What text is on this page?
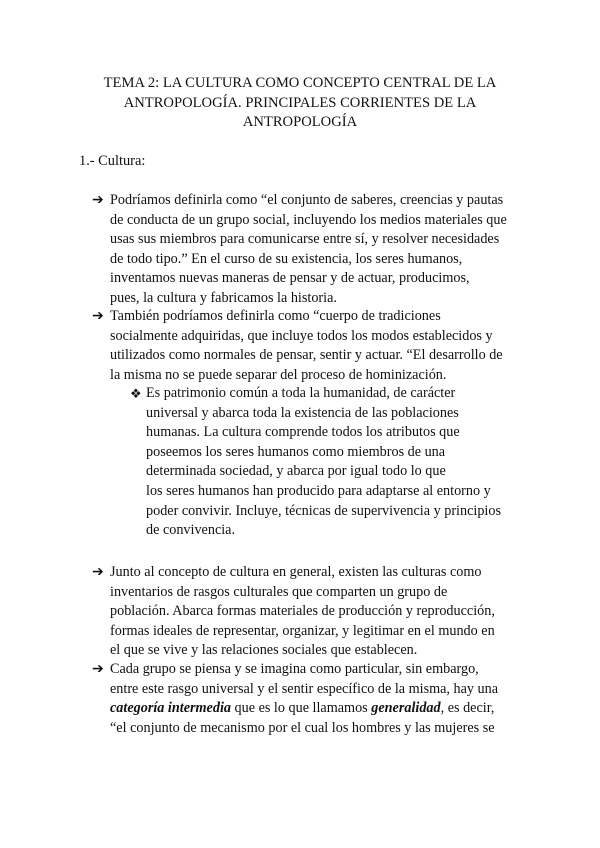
TEMA 2: LA CULTURA COMO CONCEPTO CENTRAL DE LA
ANTROPOLOGÍA. PRINCIPALES CORRIENTES DE LA
ANTROPOLOGÍA
1.- Cultura:
➔ Podríamos definirla como “el conjunto de saberes, creencias y pautas
de conducta de un grupo social, incluyendo los medios materiales que
usas sus miembros para comunicarse entre sí, y resolver necesidades
de todo tipo.” En el curso de su existencia, los seres humanos,
inventamos nuevas maneras de pensar y de actuar, producimos,
pues, la cultura y fabricamos la historia.
➔ También podríamos definirla como “cuerpo de tradiciones
socialmente adquiridas, que incluye todos los modos establecidos y
utilizados como normales de pensar, sentir y actuar. “El desarrollo de
la misma no se puede separar del proceso de hominización.
❖ Es patrimonio común a toda la humanidad, de carácter
universal y abarca toda la existencia de las poblaciones
humanas. La cultura comprende todos los atributos que
poseemos los seres humanos como miembros de una
determinada sociedad, y abarca por igual todo lo que
los seres humanos han producido para adaptarse al entorno y
poder convivir. Incluye, técnicas de supervivencia y principios
de convivencia.
➔ Junto al concepto de cultura en general, existen las culturas como
inventarios de rasgos culturales que comparten un grupo de
población. Abarca formas materiales de producción y reproducción,
formas ideales de representar, organizar, y legitimar en el mundo en
el que se vive y las relaciones sociales que establecen.
➔ Cada grupo se piensa y se imagina como particular, sin embargo,
entre este rasgo universal y el sentir específico de la misma, hay una
categoría intermedia que es lo que llamamos generalidad, es decir,
“el conjunto de mecanismo por el cual los hombres y las mujeres se
